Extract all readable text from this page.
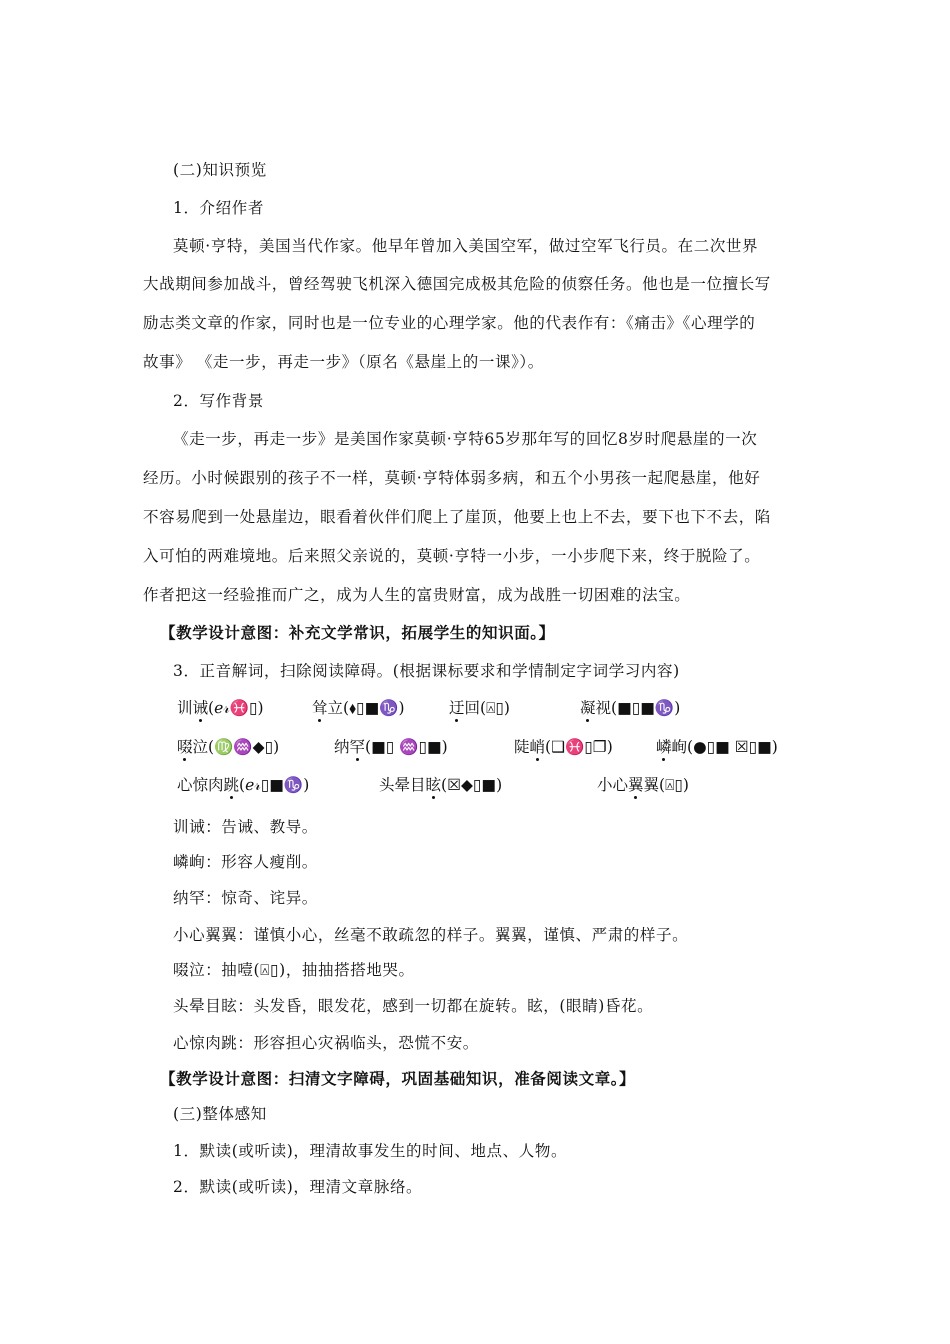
(二)知识预览
1．介绍作者
莫顿·亨特，美国当代作家。他早年曾加入美国空军，做过空军飞行员。在二次世界
大战期间参加战斗，曾经驾驶飞机深入德国完成极其危险的侦察任务。他也是一位擅长写
励志类文章的作家，同时也是一位专业的心理学家。他的代表作有：《痛击》《心理学的
故事》 《走一步，再走一步》（原名《悬崖上的一课》）。
2．写作背景
《走一步，再走一步》是美国作家莫顿·亨特65岁那年写的回忆8岁时爬悬崖的一次
经历。小时候跟别的孩子不一样，莫顿·亨特体弱多病，和五个小男孩一起爬悬崖，他好
不容易爬到一处悬崖边，眼看着伙伴们爬上了崖顶，他要上也上不去，要下也下不去，陷
入可怕的两难境地。后来照父亲说的，莫顿·亨特一小步，一小步爬下来，终于脱险了。
作者把这一经验推而广之，成为人生的富贵财富，成为战胜一切困难的法宝。
【教学设计意图：补充文学常识，拓展学生的知识面。】
3．正音解词，扫除阅读障碍。(根据课标要求和学情制定字词学习内容)
训诫(ℯ𝓇♓▯)	耸立(⬧▯■♑)	迂回(⍓▯)	凝视(■▯■♑)
啜泣(♍♒◆▯)	纳罕(■▯ ♒▯■)	陡峭(❑♓▯❐)	嶙峋(●▯■ ☒▯■)
心惊肉跳(ℯ𝓇▯■♑)	头晕目眩(☒◆▯■)	小心翼翼(⍓▯)
训诫：告诫、教导。
嶙峋：形容人瘦削。
纳罕：惊奇、诧异。
小心翼翼：谨慎小心，丝毫不敢疏忽的样子。翼翼，谨慎、严肃的样子。
啜泣：抽噎(⍓▯)，抽抽搭搭地哭。
头晕目眩：头发昏，眼发花，感到一切都在旋转。眩，(眼睛)昏花。
心惊肉跳：形容担心灾祸临头，恐慌不安。
【教学设计意图：扫清文字障碍，巩固基础知识，准备阅读文章。】
(三)整体感知
1．默读(或听读)，理清故事发生的时间、地点、人物。
2．默读(或听读)，理清文章脉络。
